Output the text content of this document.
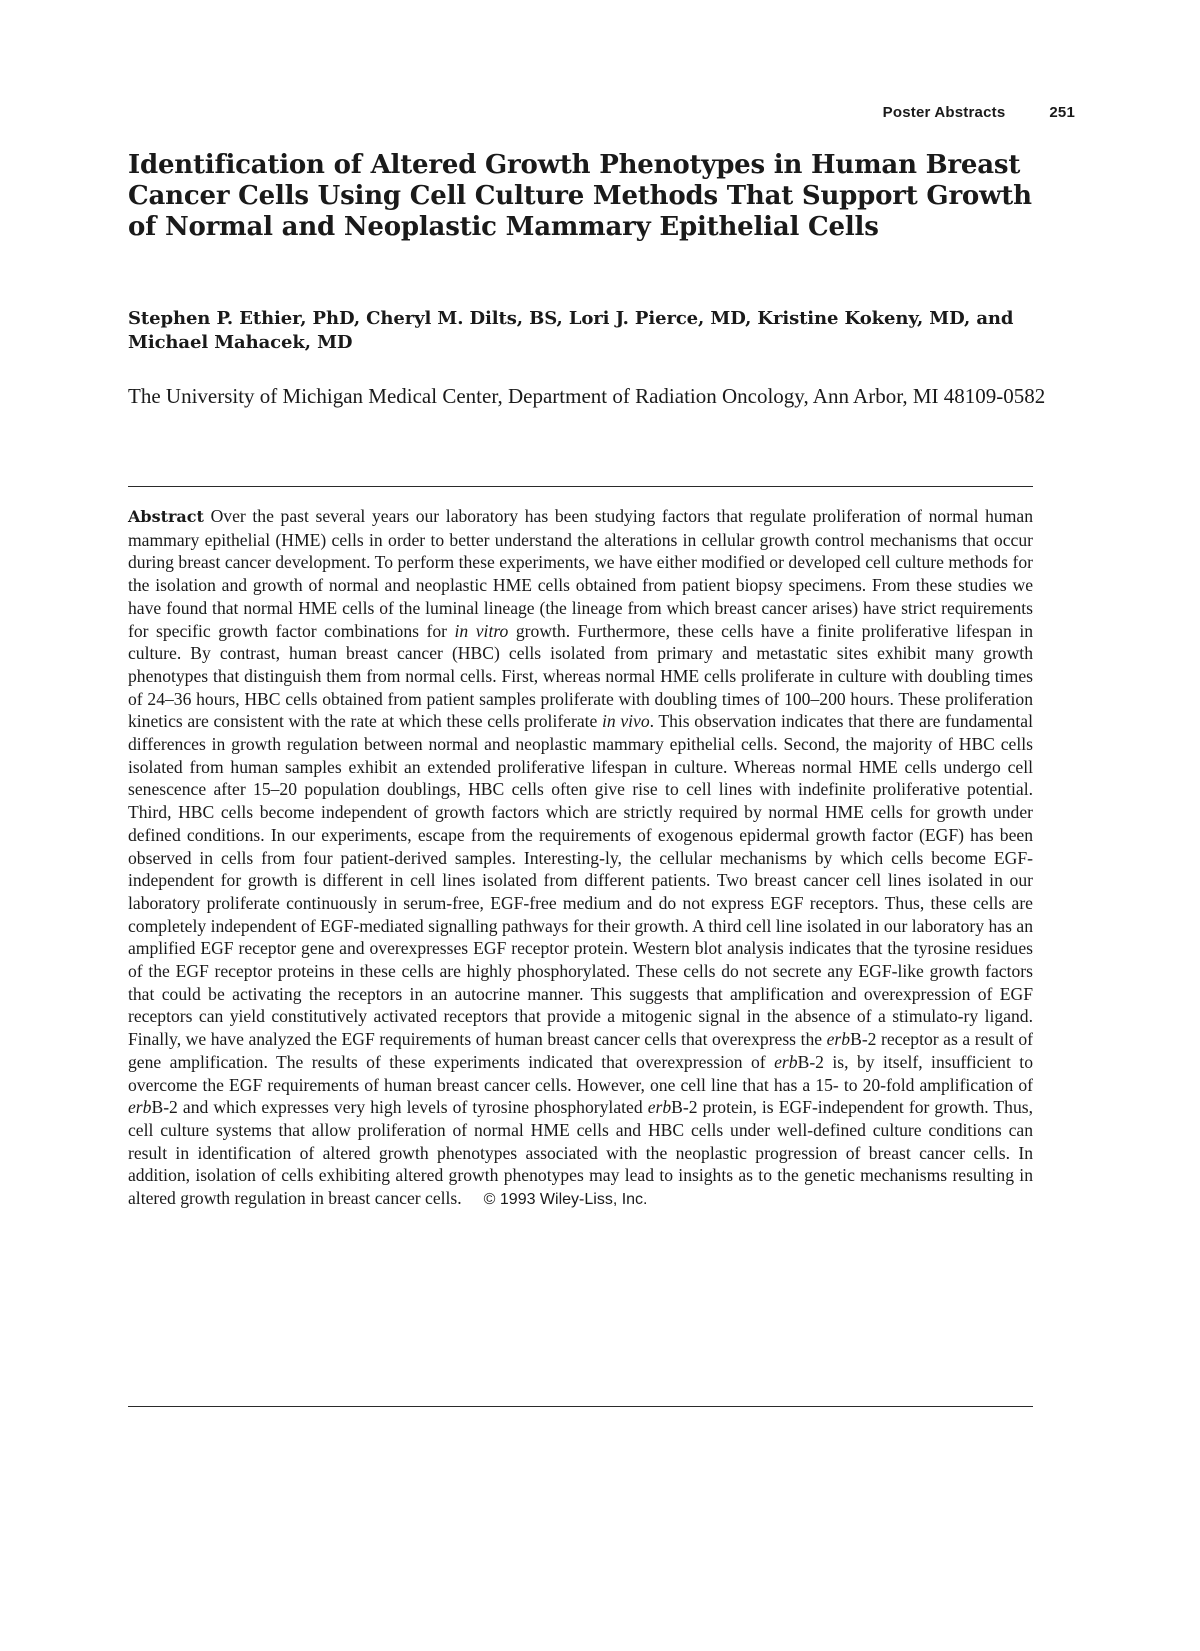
Poster Abstracts	251
Identification of Altered Growth Phenotypes in Human Breast Cancer Cells Using Cell Culture Methods That Support Growth of Normal and Neoplastic Mammary Epithelial Cells

Stephen P. Ethier, PhD, Cheryl M. Dilts, BS, Lori J. Pierce, MD, Kristine Kokeny, MD, and Michael Mahacek, MD

The University of Michigan Medical Center, Department of Radiation Oncology, Ann Arbor, MI 48109-0582

Abstract Over the past several years our laboratory has been studying factors that regulate proliferation of normal human mammary epithelial (HME) cells in order to better understand the alterations in cellular growth control mechanisms that occur during breast cancer development. To perform these experiments, we have either modified or developed cell culture methods for the isolation and growth of normal and neoplastic HME cells obtained from patient biopsy specimens. From these studies we have found that normal HME cells of the luminal lineage (the lineage from which breast cancer arises) have strict requirements for specific growth factor combinations for in vitro growth. Furthermore, these cells have a finite proliferative lifespan in culture. By contrast, human breast cancer (HBC) cells isolated from primary and metastatic sites exhibit many growth phenotypes that distinguish them from normal cells. First, whereas normal HME cells proliferate in culture with doubling times of 24–36 hours, HBC cells obtained from patient samples proliferate with doubling times of 100–200 hours. These proliferation kinetics are consistent with the rate at which these cells proliferate in vivo. This observation indicates that there are fundamental differences in growth regulation between normal and neoplastic mammary epithelial cells. Second, the majority of HBC cells isolated from human samples exhibit an extended proliferative lifespan in culture. Whereas normal HME cells undergo cell senescence after 15–20 population doublings, HBC cells often give rise to cell lines with indefinite proliferative potential. Third, HBC cells become independent of growth factors which are strictly required by normal HME cells for growth under defined conditions. In our experiments, escape from the requirements of exogenous epidermal growth factor (EGF) has been observed in cells from four patient-derived samples. Interesting-ly, the cellular mechanisms by which cells become EGF-independent for growth is different in cell lines isolated from different patients. Two breast cancer cell lines isolated in our laboratory proliferate continuously in serum-free, EGF-free medium and do not express EGF receptors. Thus, these cells are completely independent of EGF-mediated signalling pathways for their growth. A third cell line isolated in our laboratory has an amplified EGF receptor gene and overexpresses EGF receptor protein. Western blot analysis indicates that the tyrosine residues of the EGF receptor proteins in these cells are highly phosphorylated. These cells do not secrete any EGF-like growth factors that could be activating the receptors in an autocrine manner. This suggests that amplification and overexpression of EGF receptors can yield constitutively activated receptors that provide a mitogenic signal in the absence of a stimulato-ry ligand. Finally, we have analyzed the EGF requirements of human breast cancer cells that overexpress the erbB-2 receptor as a result of gene amplification. The results of these experiments indicated that overexpression of erbB-2 is, by itself, insufficient to overcome the EGF requirements of human breast cancer cells. However, one cell line that has a 15- to 20-fold amplification of erbB-2 and which expresses very high levels of tyrosine phosphorylated erbB-2 protein, is EGF-independent for growth. Thus, cell culture systems that allow proliferation of normal HME cells and HBC cells under well-defined culture conditions can result in identification of altered growth phenotypes associated with the neoplastic progression of breast cancer cells. In addition, isolation of cells exhibiting altered growth phenotypes may lead to insights as to the genetic mechanisms resulting in altered growth regulation in breast cancer cells. © 1993 Wiley-Liss, Inc.
